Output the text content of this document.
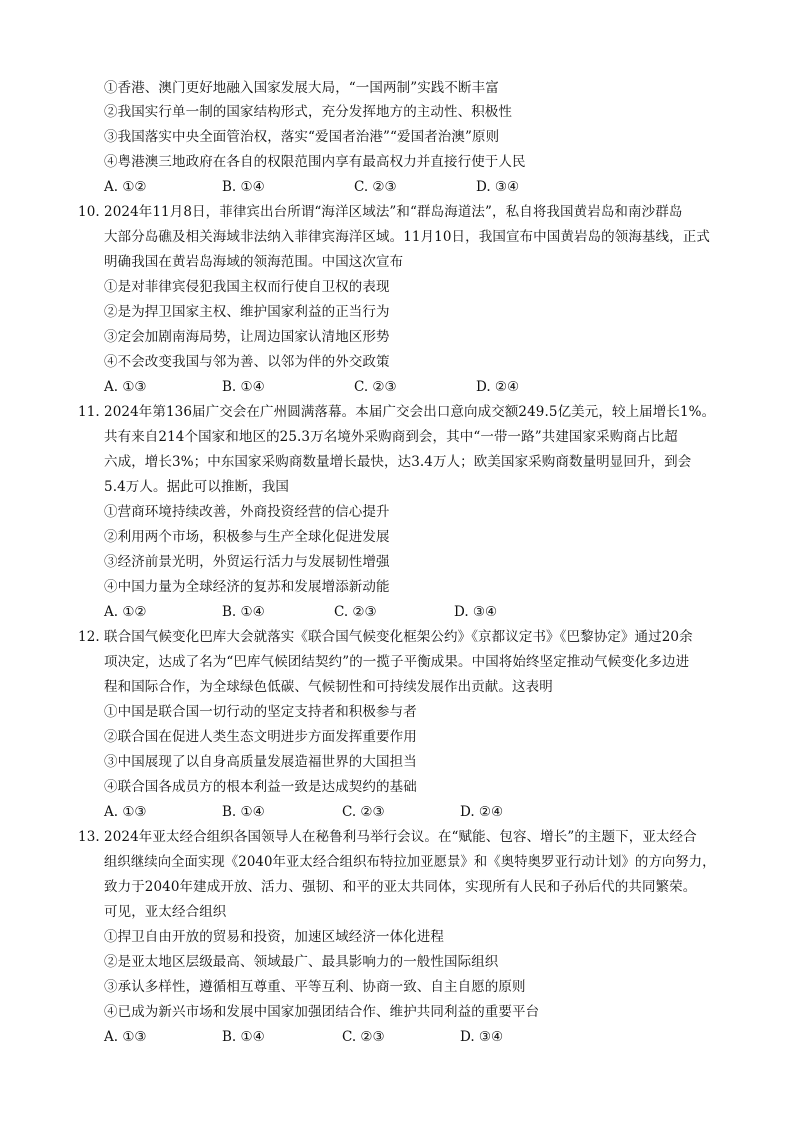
①香港、澳门更好地融入国家发展大局，“一国两制”实践不断丰富
②我国实行单一制的国家结构形式，充分发挥地方的主动性、积极性
③我国落实中央全面管治权，落实“爱国者治港”“爱国者治澳”原则
④粤港澳三地政府在各自的权限范围内享有最高权力并直接行使于人民
A. ①②	B. ①④	C. ②③	D. ③④
10. 2024年11月8日，菲律宾出台所谓“海洋区域法”和“群岛海道法”，私自将我国黄岩岛和南沙群岛
大部分岛礁及相关海域非法纳入菲律宾海洋区域。11月10日，我国宣布中国黄岩岛的领海基线，正式
明确我国在黄岩岛海域的领海范围。中国这次宣布
①是对菲律宾侵犯我国主权而行使自卫权的表现
②是为捍卫国家主权、维护国家利益的正当行为
③定会加剧南海局势，让周边国家认清地区形势
④不会改变我国与邻为善、以邻为伴的外交政策
A. ①③	B. ①④	C. ②③	D. ②④
11. 2024年第136届广交会在广州圆满落幕。本届广交会出口意向成交额249.5亿美元，较上届增长1%。
共有来自214个国家和地区的25.3万名境外采购商到会，其中“一带一路”共建国家采购商占比超
六成，增长3%；中东国家采购商数量增长最快，达3.4万人；欧美国家采购商数量明显回升，到会
5.4万人。据此可以推断，我国
①营商环境持续改善，外商投资经营的信心提升
②利用两个市场，积极参与生产全球化促进发展
③经济前景光明，外贸运行活力与发展韧性增强
④中国力量为全球经济的复苏和发展增添新动能
A. ①②	B. ①④	C. ②③	D. ③④
12. 联合国气候变化巴库大会就落实《联合国气候变化框架公约》《京都议定书》《巴黎协定》通过20余
项决定，达成了名为“巴库气候团结契约”的一揽子平衡成果。中国将始终坚定推动气候变化多边进
程和国际合作，为全球绿色低碳、气候韧性和可持续发展作出贡献。这表明
①中国是联合国一切行动的坚定支持者和积极参与者
②联合国在促进人类生态文明进步方面发挥重要作用
③中国展现了以自身高质量发展造福世界的大国担当
④联合国各成员方的根本利益一致是达成契约的基础
A. ①③	B. ①④	C. ②③	D. ②④
13. 2024年亚太经合组织各国领导人在秘鲁利马举行会议。在“赋能、包容、增长”的主题下，亚太经合
组织继续向全面实现《2040年亚太经合组织布特拉加亚愿景》和《奥特奥罗亚行动计划》的方向努力，
致力于2040年建成开放、活力、强韧、和平的亚太共同体，实现所有人民和子孙后代的共同繁荣。
可见，亚太经合组织
①捍卫自由开放的贸易和投资，加速区域经济一体化进程
②是亚太地区层级最高、领域最广、最具影响力的一般性国际组织
③承认多样性，遵循相互尊重、平等互利、协商一致、自主自愿的原则
④已成为新兴市场和发展中国家加强团结合作、维护共同利益的重要平台
A. ①③	B. ①④	C. ②③	D. ③④
